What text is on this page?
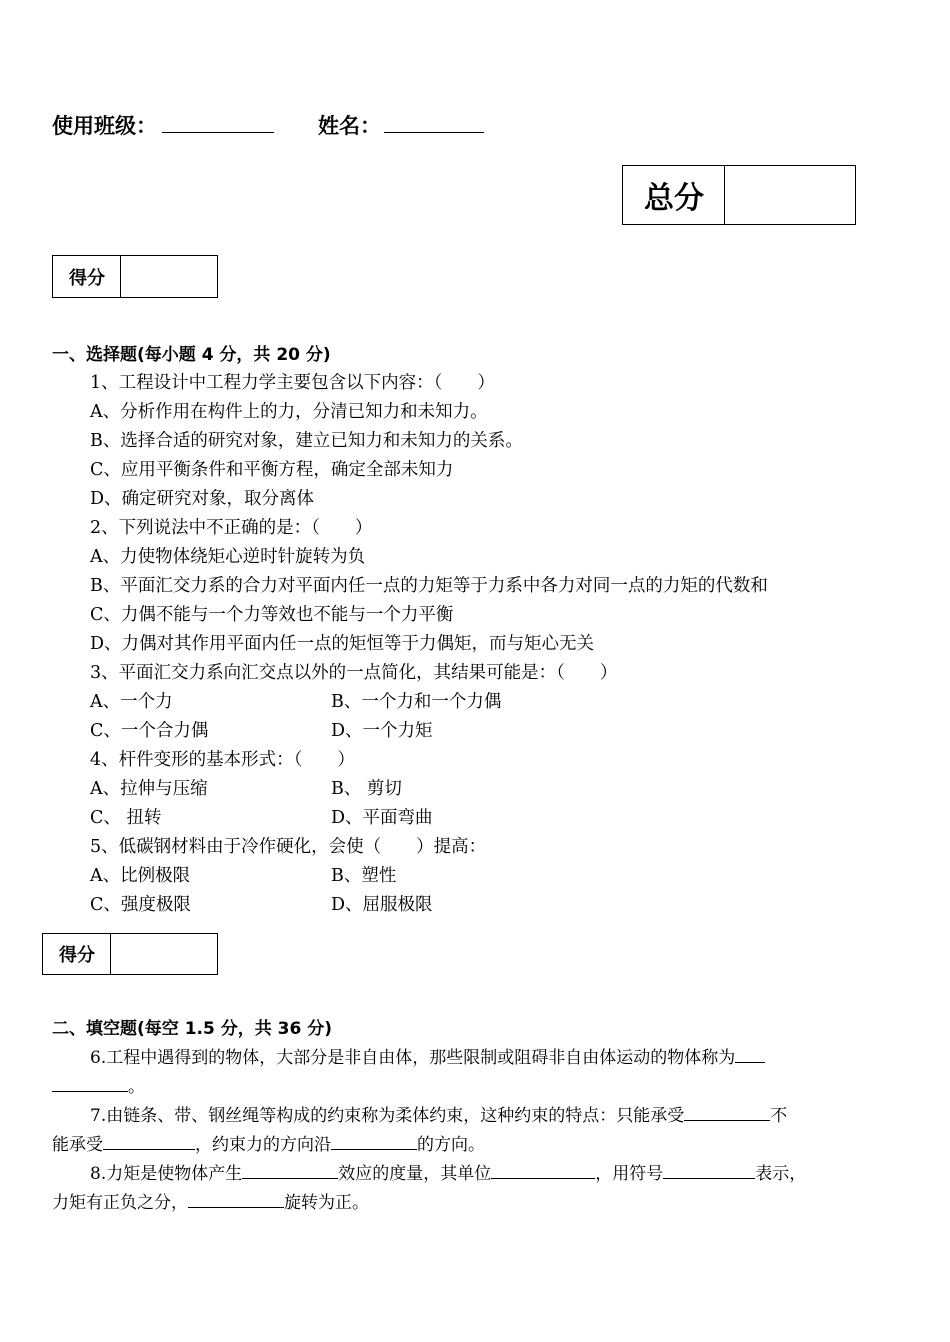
使用班级：	姓名：
总分
得分
一、选择题(每小题 4 分，共 20 分)
1、工程设计中工程力学主要包含以下内容：（　　）
A、分析作用在构件上的力，分清已知力和未知力。
B、选择合适的研究对象，建立已知力和未知力的关系。
C、应用平衡条件和平衡方程，确定全部未知力
D、确定研究对象，取分离体
2、下列说法中不正确的是：（　　）
A、力使物体绕矩心逆时针旋转为负
B、平面汇交力系的合力对平面内任一点的力矩等于力系中各力对同一点的力矩的代数和
C、力偶不能与一个力等效也不能与一个力平衡
D、力偶对其作用平面内任一点的矩恒等于力偶矩，而与矩心无关
3、平面汇交力系向汇交点以外的一点简化，其结果可能是：（　　）
A、一个力	B、一个力和一个力偶
C、一个合力偶	D、一个力矩
4、杆件变形的基本形式：（　　）
A、拉伸与压缩	B、 剪切
C、 扭转	D、平面弯曲
5、低碳钢材料由于冷作硬化，会使（　　）提高：
A、比例极限	B、塑性
C、强度极限	D、屈服极限
得分
二、填空题(每空 1.5 分，共 36 分)
6.工程中遇得到的物体，大部分是非自由体，那些限制或阻碍非自由体运动的物体称为
。
7.由链条、带、钢丝绳等构成的约束称为柔体约束，这种约束的特点：只能承受	不
能承受	，约束力的方向沿	的方向。
8.力矩是使物体产生	效应的度量，其单位	，用符号	表示，
力矩有正负之分，	旋转为正。
